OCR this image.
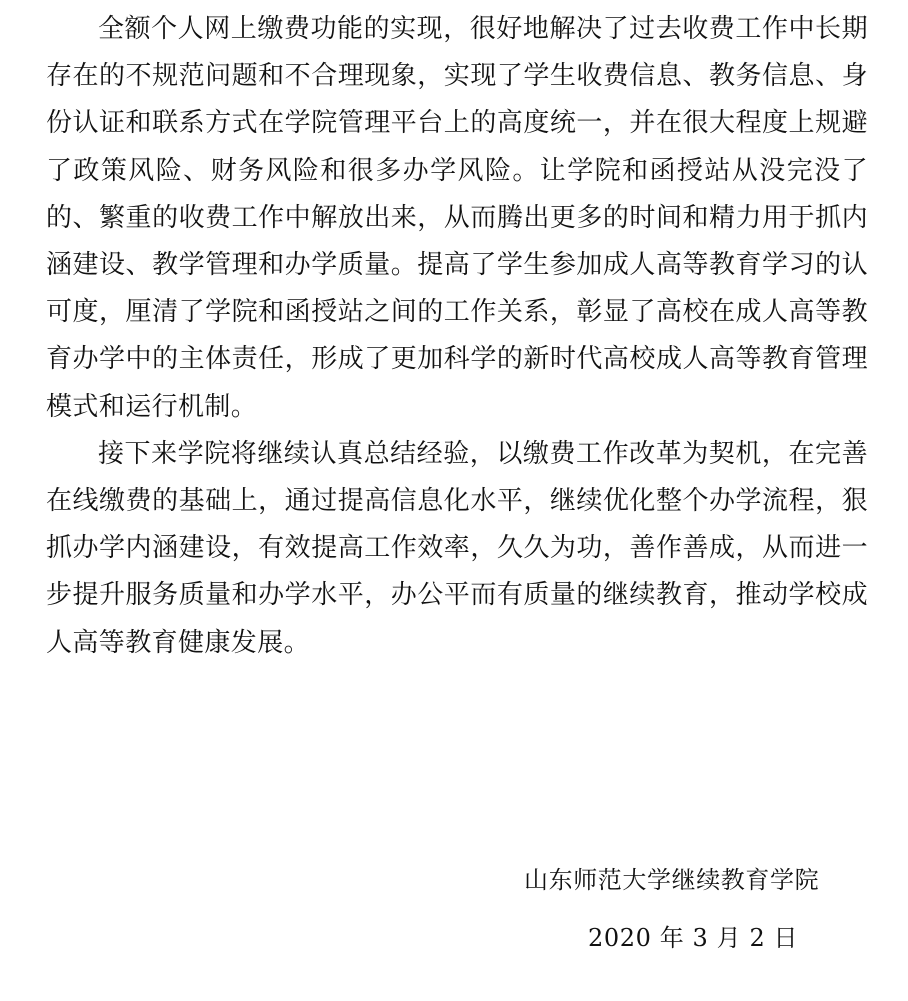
全额个人网上缴费功能的实现，很好地解决了过去收费工作中长期存在的不规范问题和不合理现象，实现了学生收费信息、教务信息、身份认证和联系方式在学院管理平台上的高度统一，并在很大程度上规避了政策风险、财务风险和很多办学风险。让学院和函授站从没完没了的、繁重的收费工作中解放出来，从而腾出更多的时间和精力用于抓内涵建设、教学管理和办学质量。提高了学生参加成人高等教育学习的认可度，厘清了学院和函授站之间的工作关系，彰显了高校在成人高等教育办学中的主体责任，形成了更加科学的新时代高校成人高等教育管理模式和运行机制。

接下来学院将继续认真总结经验，以缴费工作改革为契机，在完善在线缴费的基础上，通过提高信息化水平，继续优化整个办学流程，狠抓办学内涵建设，有效提高工作效率，久久为功，善作善成，从而进一步提升服务质量和办学水平，办公平而有质量的继续教育，推动学校成人高等教育健康发展。

山东师范大学继续教育学院
2020 年 3 月 2 日
